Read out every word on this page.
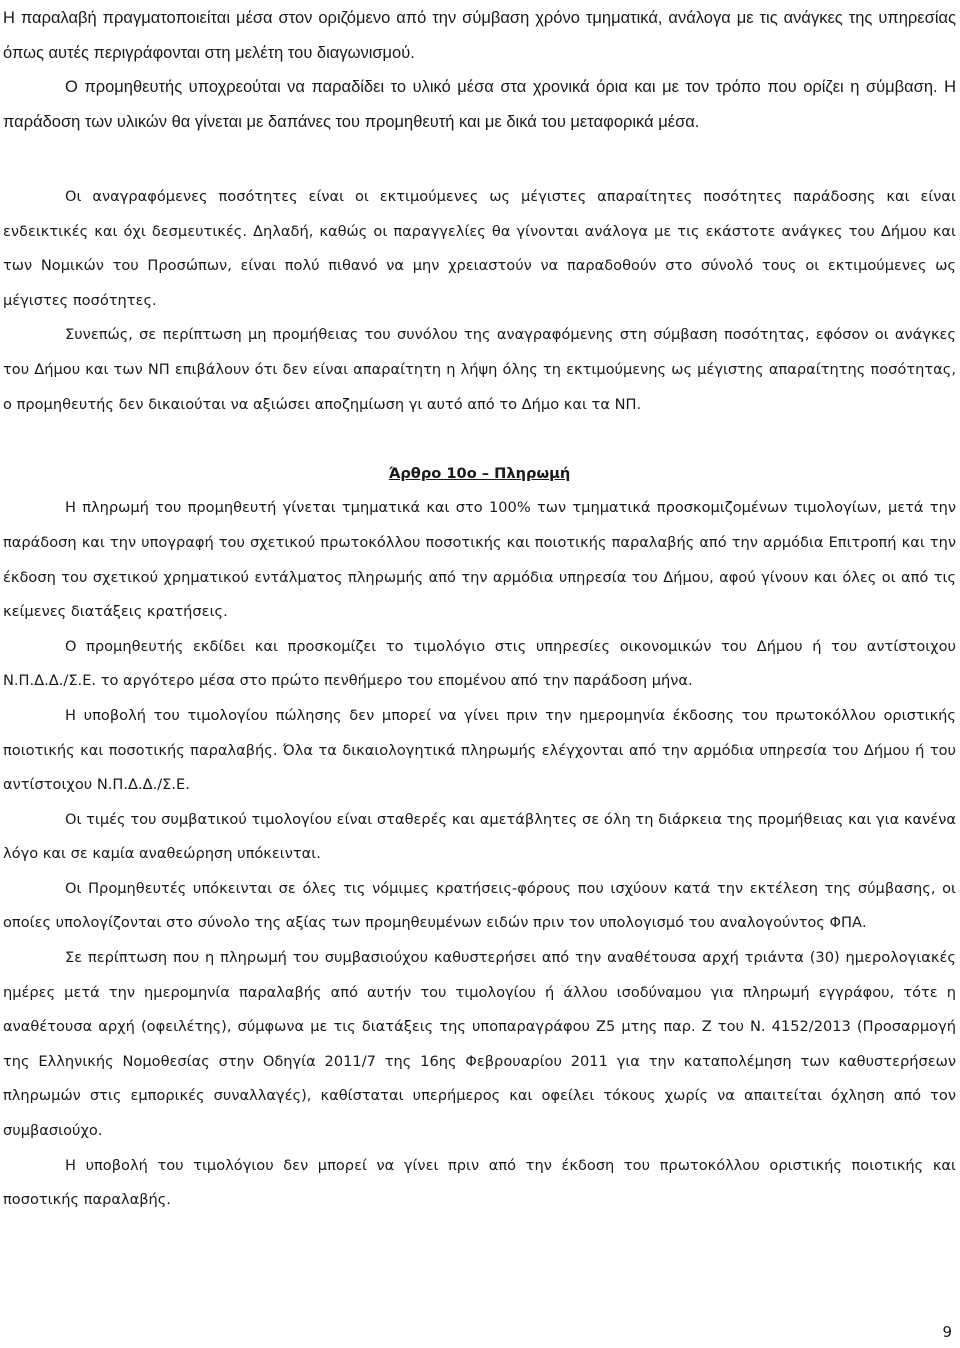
Η παραλαβή πραγματοποιείται μέσα στον οριζόμενο από την σύμβαση χρόνο τμηματικά, ανάλογα με τις ανάγκες της υπηρεσίας όπως αυτές περιγράφονται στη μελέτη του διαγωνισμού.

Ο προμηθευτής υποχρεούται να παραδίδει το υλικό μέσα στα χρονικά όρια και με τον τρόπο που ορίζει η σύμβαση. Η παράδοση των υλικών θα γίνεται με δαπάνες του προμηθευτή και με δικά του μεταφορικά μέσα.

Οι αναγραφόμενες ποσότητες είναι οι εκτιμούμενες ως μέγιστες απαραίτητες ποσότητες παράδοσης και είναι ενδεικτικές και όχι δεσμευτικές. Δηλαδή, καθώς οι παραγγελίες θα γίνονται ανάλογα με τις εκάστοτε ανάγκες του Δήμου και των Νομικών του Προσώπων, είναι πολύ πιθανό να μην χρειαστούν να παραδοθούν στο σύνολό τους οι εκτιμούμενες ως μέγιστες ποσότητες.

Συνεπώς, σε περίπτωση μη προμήθειας του συνόλου της αναγραφόμενης στη σύμβαση ποσότητας, εφόσον οι ανάγκες του Δήμου και των ΝΠ επιβάλουν ότι δεν είναι απαραίτητη η λήψη όλης τη εκτιμούμενης ως μέγιστης απαραίτητης ποσότητας, ο προμηθευτής δεν δικαιούται να αξιώσει αποζημίωση γι αυτό από το Δήμο και τα ΝΠ.

Άρθρο 10ο – Πληρωμή

Η πληρωμή του προμηθευτή γίνεται τμηματικά και στο 100% των τμηματικά προσκομιζομένων τιμολογίων, μετά την παράδοση και την υπογραφή του σχετικού πρωτοκόλλου ποσοτικής και ποιοτικής παραλαβής από την αρμόδια Επιτροπή και την έκδοση του σχετικού χρηματικού εντάλματος πληρωμής από την αρμόδια υπηρεσία του Δήμου, αφού γίνουν και όλες οι από τις κείμενες διατάξεις κρατήσεις.

Ο προμηθευτής εκδίδει και προσκομίζει το τιμολόγιο στις υπηρεσίες οικονομικών του Δήμου ή του αντίστοιχου Ν.Π.Δ.Δ./Σ.Ε. το αργότερο μέσα στο πρώτο πενθήμερο του επομένου από την παράδοση μήνα.

Η υποβολή του τιμολογίου πώλησης δεν μπορεί να γίνει πριν την ημερομηνία έκδοσης του πρωτοκόλλου οριστικής ποιοτικής και ποσοτικής παραλαβής. Όλα τα δικαιολογητικά πληρωμής ελέγχονται από την αρμόδια υπηρεσία του Δήμου ή του αντίστοιχου Ν.Π.Δ.Δ./Σ.Ε.

Οι τιμές του συμβατικού τιμολογίου είναι σταθερές και αμετάβλητες σε όλη τη διάρκεια της προμήθειας και για κανένα λόγο και σε καμία αναθεώρηση υπόκεινται.

Οι Προμηθευτές υπόκεινται σε όλες τις νόμιμες κρατήσεις-φόρους που ισχύουν κατά την εκτέλεση της σύμβασης, οι οποίες υπολογίζονται στο σύνολο της αξίας των προμηθευμένων ειδών πριν τον υπολογισμό του αναλογούντος ΦΠΑ.

Σε περίπτωση που η πληρωμή του συμβασιούχου καθυστερήσει από την αναθέτουσα αρχή τριάντα (30) ημερολογιακές ημέρες μετά την ημερομηνία παραλαβής από αυτήν του τιμολογίου ή άλλου ισοδύναμου για πληρωμή εγγράφου, τότε η αναθέτουσα αρχή (οφειλέτης), σύμφωνα με τις διατάξεις της υποπαραγράφου Ζ5 μτης παρ. Ζ του Ν. 4152/2013 (Προσαρμογή της Ελληνικής Νομοθεσίας στην Οδηγία 2011/7 της 16ης Φεβρουαρίου 2011 για την καταπολέμηση των καθυστερήσεων πληρωμών στις εμπορικές συναλλαγές), καθίσταται υπερήμερος και οφείλει τόκους χωρίς να απαιτείται όχληση από τον συμβασιούχο.

Η υποβολή του τιμολόγιου δεν μπορεί να γίνει πριν από την έκδοση του πρωτοκόλλου οριστικής ποιοτικής και ποσοτικής παραλαβής.

9
